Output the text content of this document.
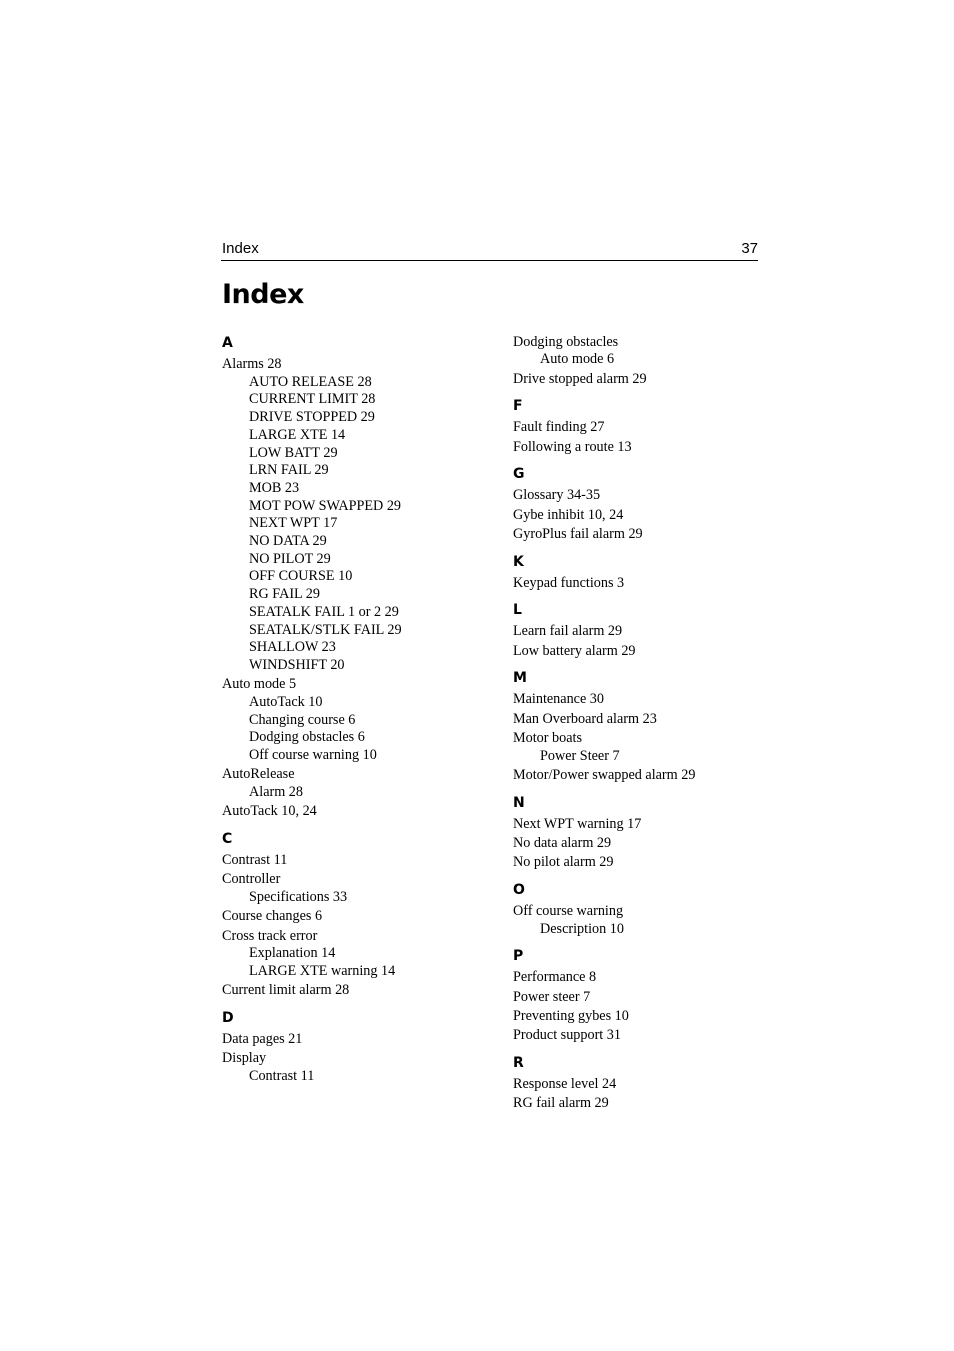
Index	37
Index
A
Alarms 28
AUTO RELEASE 28
CURRENT LIMIT 28
DRIVE STOPPED 29
LARGE XTE 14
LOW BATT 29
LRN FAIL 29
MOB 23
MOT POW SWAPPED 29
NEXT WPT 17
NO DATA 29
NO PILOT 29
OFF COURSE 10
RG FAIL 29
SEATALK FAIL 1 or 2 29
SEATALK/STLK FAIL 29
SHALLOW 23
WINDSHIFT 20
Auto mode 5
AutoTack 10
Changing course 6
Dodging obstacles 6
Off course warning 10
AutoRelease
Alarm 28
AutoTack 10, 24
C
Contrast 11
Controller
Specifications 33
Course changes 6
Cross track error
Explanation 14
LARGE XTE warning 14
Current limit alarm 28
D
Data pages 21
Display
Contrast 11
Dodging obstacles
Auto mode 6
Drive stopped alarm 29
F
Fault finding 27
Following a route 13
G
Glossary 34-35
Gybe inhibit 10, 24
GyroPlus fail alarm 29
K
Keypad functions 3
L
Learn fail alarm 29
Low battery alarm 29
M
Maintenance 30
Man Overboard alarm 23
Motor boats
Power Steer 7
Motor/Power swapped alarm 29
N
Next WPT warning 17
No data alarm 29
No pilot alarm 29
O
Off course warning
Description 10
P
Performance 8
Power steer 7
Preventing gybes 10
Product support 31
R
Response level 24
RG fail alarm 29
